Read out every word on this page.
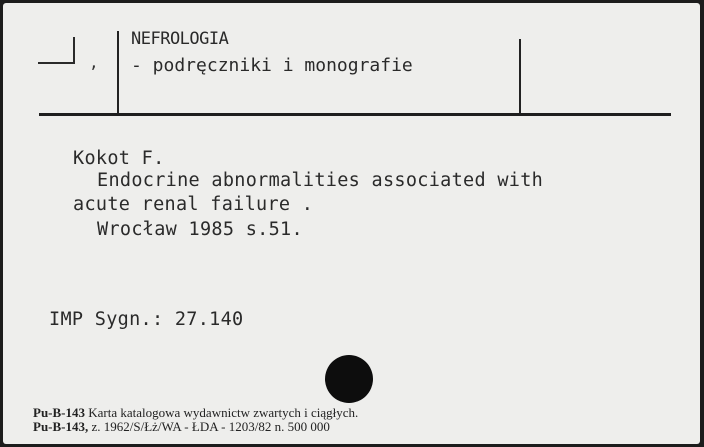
,
NEFROLOGIA
- podręczniki i monografie
Kokot F.
Endocrine abnormalities associated with
acute renal failure .
Wrocław 1985 s.51.
IMP Sygn.: 27.140
Pu-B-143 Karta katalogowa wydawnictw zwartych i ciągłych.
Pu-B-143, z. 1962/S/Łż/WA - ŁDA - 1203/82 n. 500 000
